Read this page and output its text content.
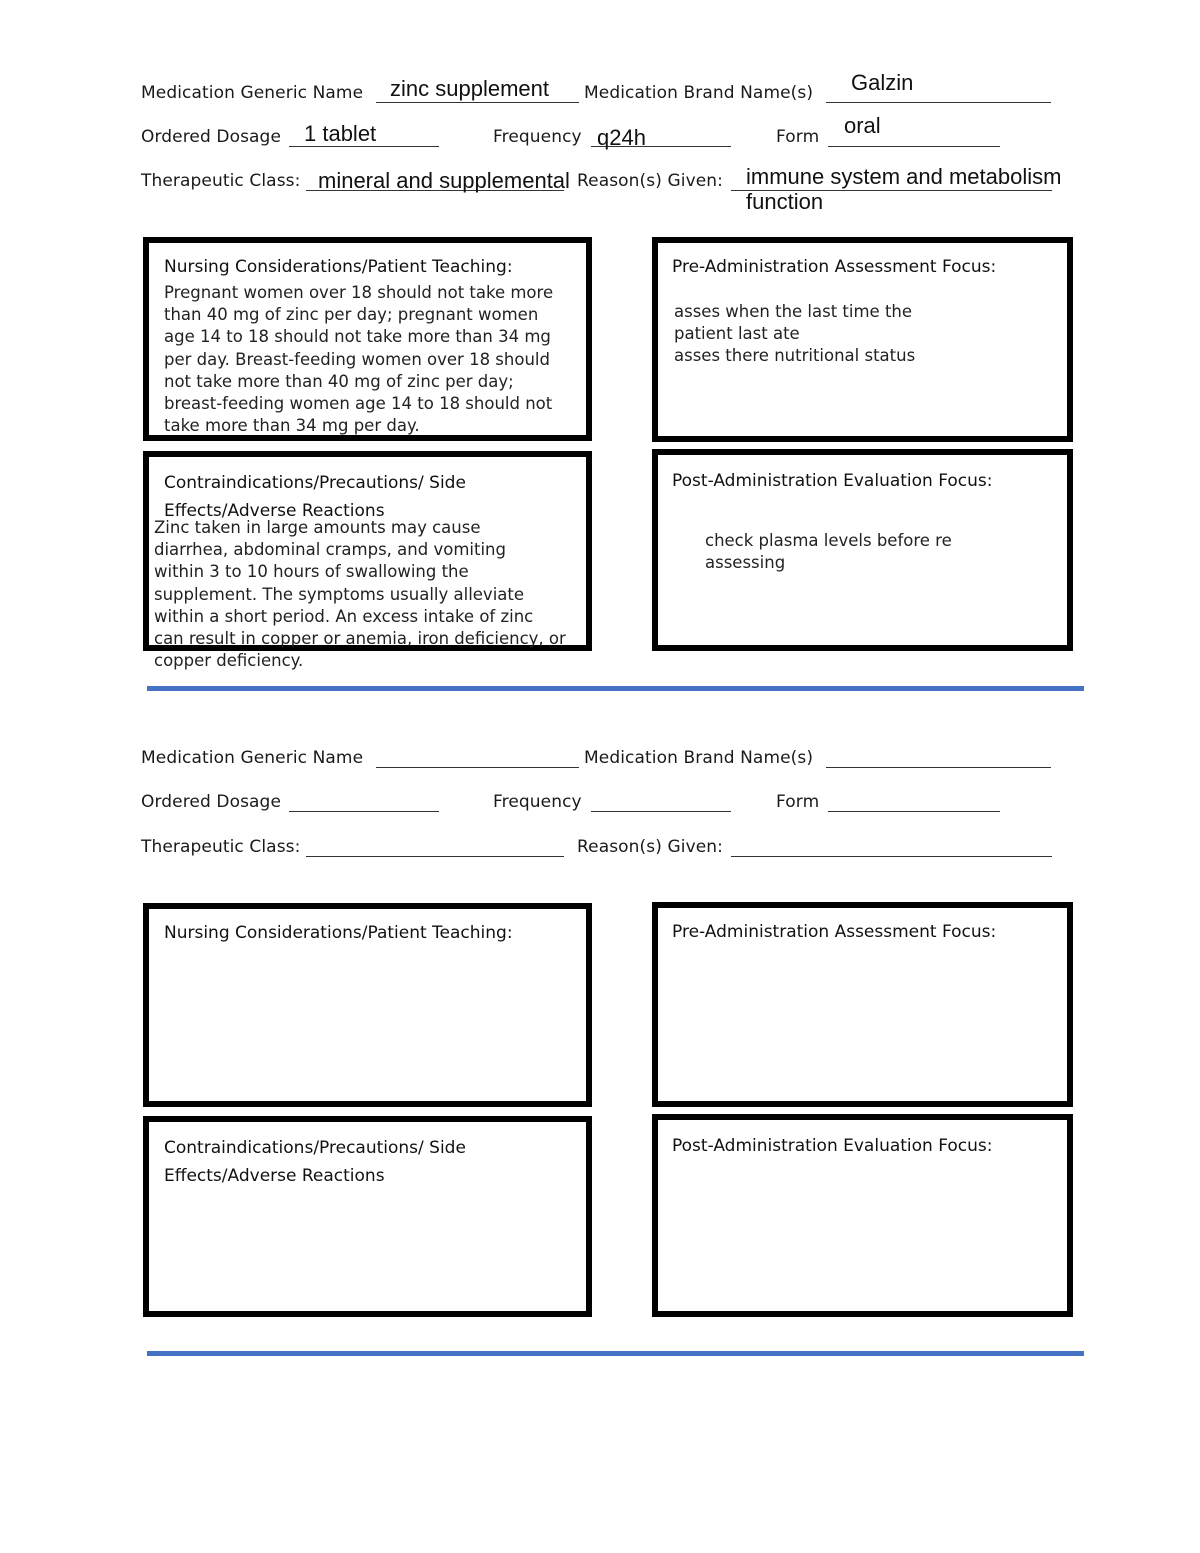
Medication Generic Name zinc supplement Medication Brand Name(s) Galzin
Ordered Dosage 1 tablet	Frequency q24h	Form oral
Therapeutic Class: mineral and supplemental Reason(s) Given: immune system and metabolism
function
Nursing Considerations/Patient Teaching:
Pregnant women over 18 should not take more
than 40 mg of zinc per day; pregnant women
age 14 to 18 should not take more than 34 mg
per day. Breast-feeding women over 18 should
not take more than 40 mg of zinc per day;
breast-feeding women age 14 to 18 should not
take more than 34 mg per day.
Pre-Administration Assessment Focus:
asses when the last time the
patient last ate
asses there nutritional status
Contraindications/Precautions/ Side
Effects/Adverse Reactions
Zinc taken in large amounts may cause
diarrhea, abdominal cramps, and vomiting
within 3 to 10 hours of swallowing the
supplement. The symptoms usually alleviate
within a short period. An excess intake of zinc
can result in copper or anemia, iron deficiency, or
copper deficiency.
Post-Administration Evaluation Focus:
check plasma levels before re
assessing
Medication Generic Name	Medication Brand Name(s)
Ordered Dosage	Frequency	Form
Therapeutic Class:	Reason(s) Given:
Nursing Considerations/Patient Teaching:	Pre-Administration Assessment Focus:
Contraindications/Precautions/ Side
Effects/Adverse Reactions
Post-Administration Evaluation Focus:
